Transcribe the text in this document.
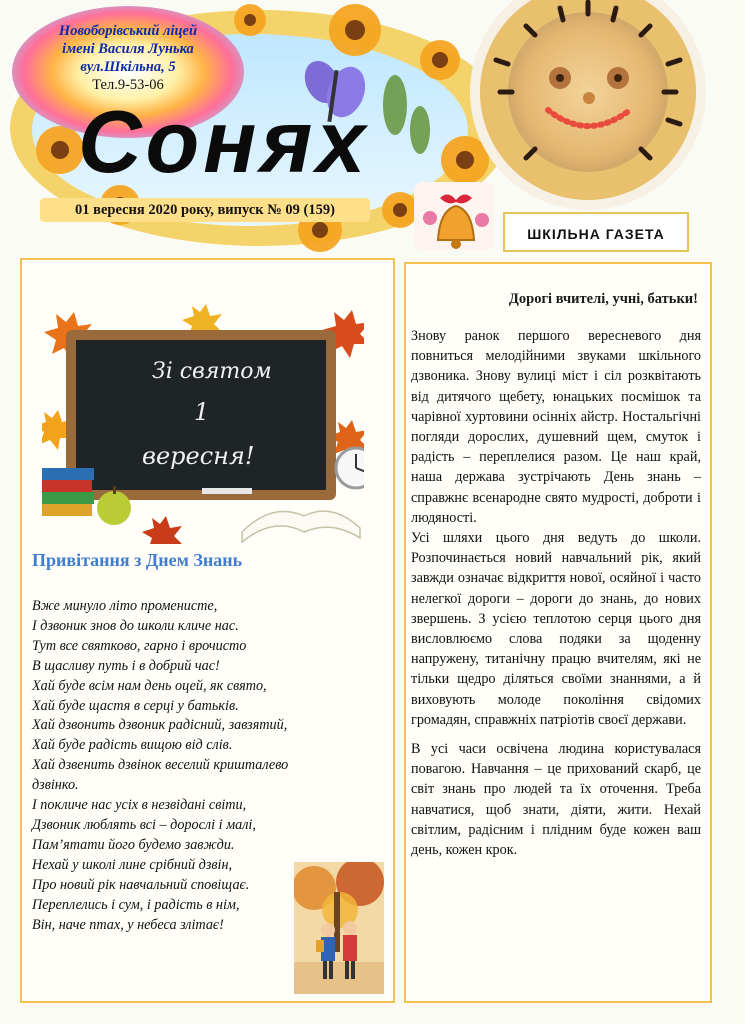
Новоборівський ліцей
імені Василя Лунька
вул.Шкільна, 5
Тел.9-53-06
Соняx
01 вересня 2020 року, випуск № 09 (159)
ШКІЛЬНА ГАЗЕТА
Зі святом
1
вересня!
Привітання з Днем Знань
Вже минуло літо променисте,
І дзвоник знов до школи кличе нас.
Тут все святково, гарно і врочисто
В щасливу путь і в добрий час!
Хай буде всім нам день оцей, як свято,
Хай буде щастя в серці у батьків.
Хай дзвонить дзвоник радісний, завзятий,
Хай буде радість вищою від слів.
Хай дзвенить дзвінок веселий кришталево
дзвінко.
І покличе нас усіх в незвідані світи,
Дзвоник люблять всі – дорослі і малі,
Пам’ятати його будемо завжди.
Нехай у школі лине срібний дзвін,
Про новий рік навчальний сповіщає.
Переплелись і сум, і радість в нім,
Він, наче птах, у небеса злітає!
Дорогі вчителі, учні, батьки!

Знову ранок першого вересневого дня повниться мелодійними звуками шкільного дзвоника. Знову вулиці міст і сіл розквітають від дитячого щебету, юнацьких посмішок та чарівної хуртовини осінніх айстр. Ностальгічні погляди дорослих, душевний щем, смуток і радість – переплелися разом. Це наш край, наша держава зустрічають День знань – справжнє всенародне свято мудрості, доброти і людяності.

Усі шляхи цього дня ведуть до школи. Розпочинається новий навчальний рік, який завжди означає відкриття нової, осяйної і часто нелегкої дороги – дороги до знань, до нових звершень. З усією теплотою серця цього дня висловлюємо слова подяки за щоденну напружену, титанічну працю вчителям, які не тільки щедро діляться своїми знаннями, а й виховують молоде покоління свідомих громадян, справжніх патріотів своєї держави.

В усі часи освічена людина користувалася повагою. Навчання – це прихований скарб, це світ знань про людей та їх оточення. Треба навчатися, щоб знати, діяти, жити. Нехай світлим, радісним і плідним буде кожен ваш день, кожен крок.
